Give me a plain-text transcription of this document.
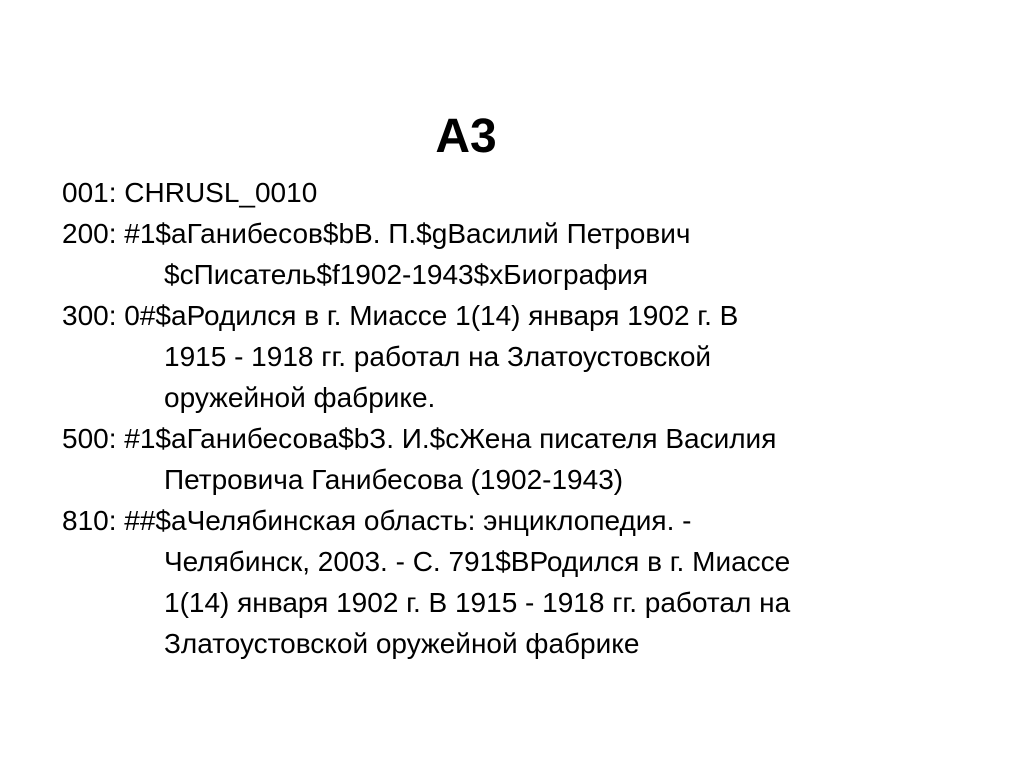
A3
001: CHRUSL_0010
200: #1$aГанибесов$bВ. П.$gВасилий Петрович
$cПисатель$f1902-1943$xБиография
300: 0#$aРодился в г. Миассе 1(14) января 1902 г. В
1915 - 1918 гг. работал на Златоустовской
оружейной фабрике.
500: #1$aГанибесова$bЗ. И.$cЖена писателя Василия
Петровича Ганибесова (1902-1943)
810: ##$aЧелябинская область: энциклопедия. -
Челябинск, 2003. - С. 791$BРодился в г. Миассе
1(14) января 1902 г. В 1915 - 1918 гг. работал на
Златоустовской оружейной фабрике
